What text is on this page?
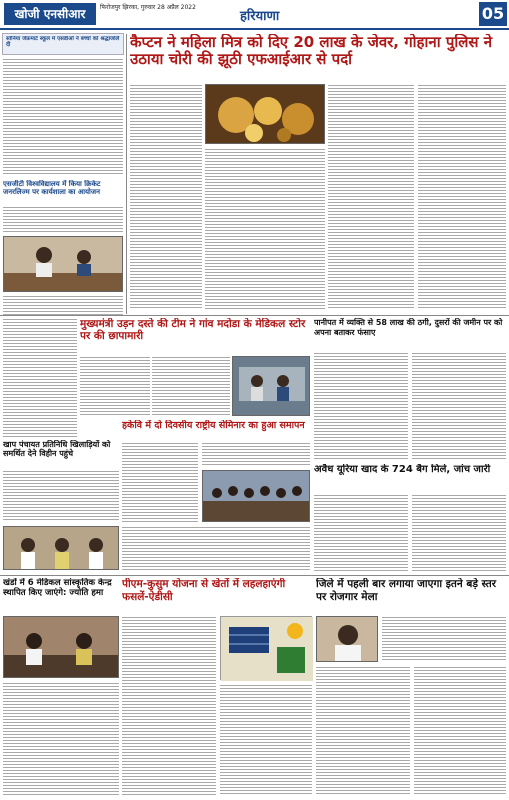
खोजी एनसीआर	फिरोजपुर झिरका, गुरुवार 28 अप्रैल 2022
हरियाणा	05
सोनिया जेफ्रमार्ट स्कूल में एसडीओ ने बच्चों को श्रद्धांजलि दी	कैप्टन ने महिला मित्र को दिए 20 लाख के जेवर, गोहाना पुलिस ने उठाया चोरी की झूठी एफआईआर से पर्दा
एसजीटी विश्वविद्यालय में किया क्रिकेट जनरलिज्म पर कार्यशाला का आयोजन
मुख्यमंत्री उड़न दस्ते की टीम ने गांव मदोडा के मेडिकल स्टोर पर की छापामारी
पानीपत में व्यक्ति से 58 लाख की ठगी, दुसरों की जमीन पर को अपना बताकर फंसाए
खाप पंचायत प्रतिनिधि खिलाड़ियों को समर्थित देने विहीन पहुंचे
हकेवि में दो दिवसीय राष्ट्रीय सेमिनार का हुआ समापन
अवैध यूरिया खाद के 724 बैग मिले, जांच जारी
पीएम-कुसुम योजना से खेतों में लहलहाएंगी फसलें-ऐडीसी
खंडों में 6 मेडिकल सांस्कृतिक केन्द्र स्थापित किए जाएंगे: ज्योति हमा
जिले में पहली बार लगाया जाएगा इतने बड़े स्तर पर रोजगार मेला
